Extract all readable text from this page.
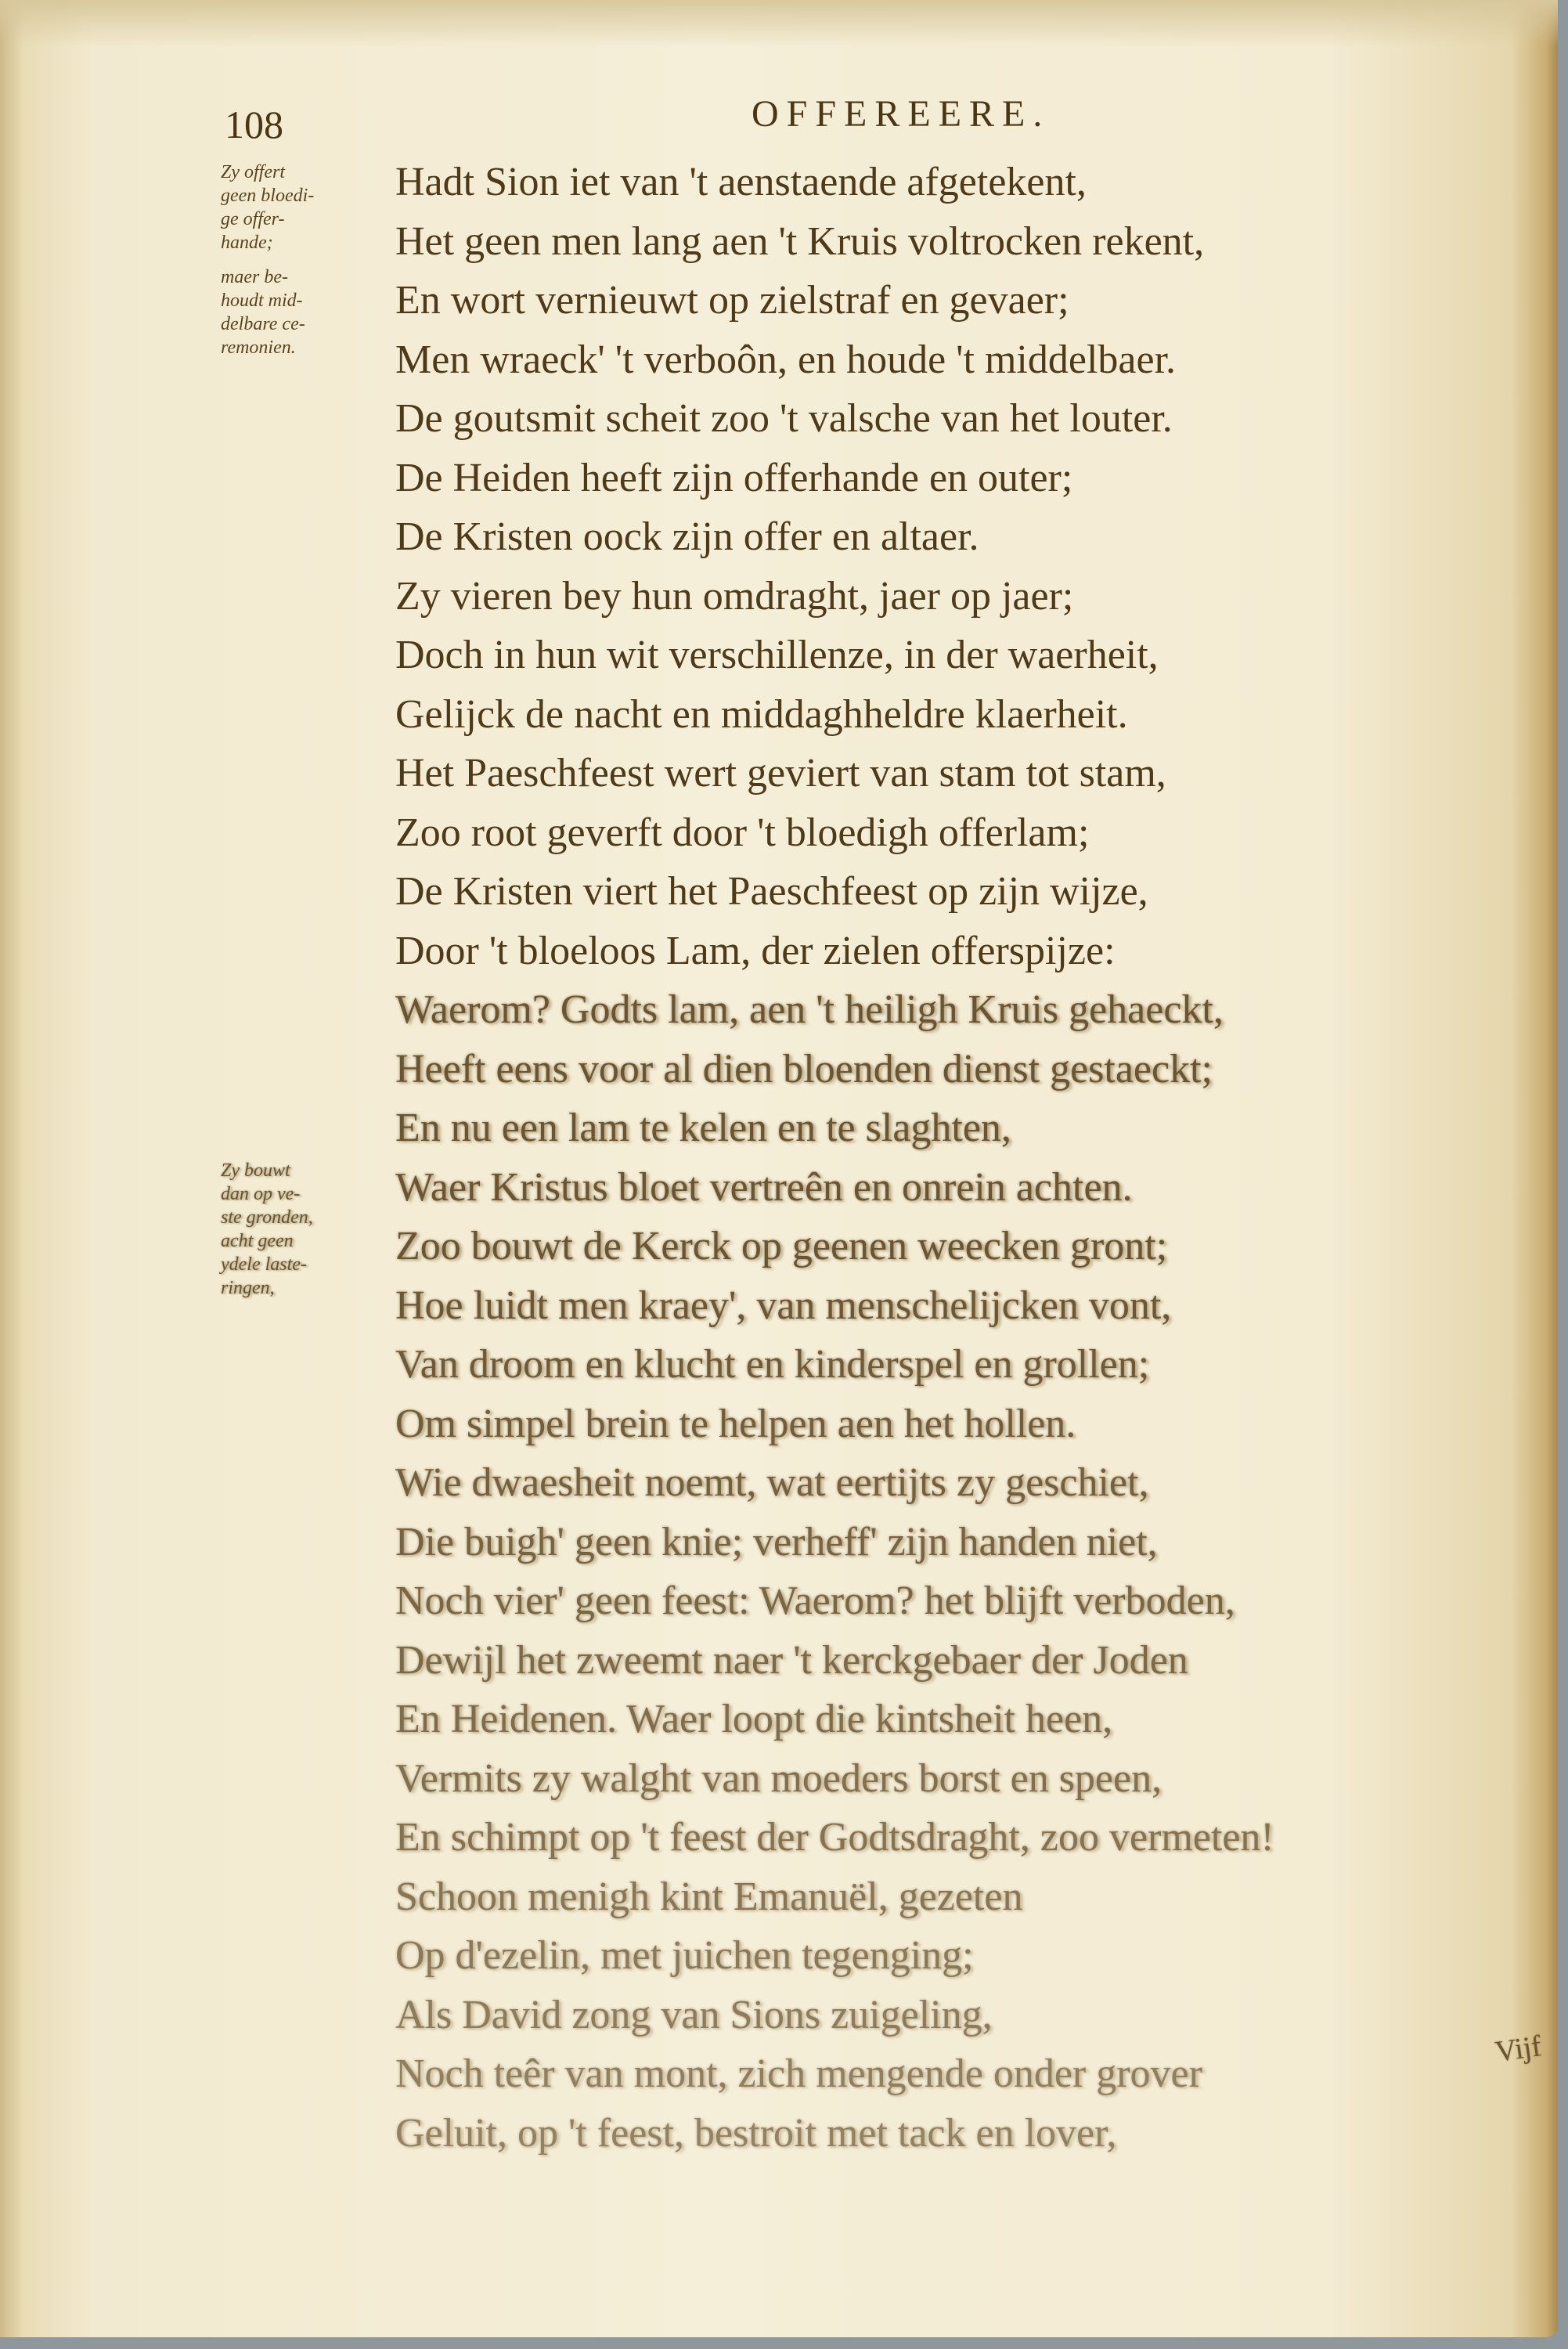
108	OFFEREERE.
Zy offert
geen bloedi-
ge offer-
hande;
maer be-
houdt mid-
delbare ce-
remonien.
Zy bouwt
dan op ve-
ste gronden,
acht geen
ydele laste-
ringen,
Hadt Sion iet van 't aenstaende afgetekent,
Het geen men lang aen 't Kruis voltrocken rekent,
En wort vernieuwt op zielstraf en gevaer;
Men wraeck' 't verboôn, en houde 't middelbaer.
De goutsmit scheit zoo 't valsche van het louter.
De Heiden heeft zijn offerhande en outer;
De Kristen oock zijn offer en altaer.
Zy vieren bey hun omdraght, jaer op jaer;
Doch in hun wit verschillenze, in der waerheit,
Gelijck de nacht en middaghheldre klaerheit.
Het Paeschfeest wert geviert van stam tot stam,
Zoo root geverft door 't bloedigh offerlam;
De Kristen viert het Paeschfeest op zijn wijze,
Door 't bloeloos Lam, der zielen offerspijze:
Waerom? Godts lam, aen 't heiligh Kruis gehaeckt,
Heeft eens voor al dien bloenden dienst gestaeckt;
En nu een lam te kelen en te slaghten,
Waer Kristus bloet vertreên en onrein achten.
Zoo bouwt de Kerck op geenen weecken gront;
Hoe luidt men kraey', van menschelijcken vont,
Van droom en klucht en kinderspel en grollen;
Om simpel brein te helpen aen het hollen.
Wie dwaesheit noemt, wat eertijts zy geschiet,
Die buigh' geen knie; verheff' zijn handen niet,
Noch vier' geen feest: Waerom? het blijft verboden,
Dewijl het zweemt naer 't kerckgebaer der Joden
En Heidenen. Waer loopt die kintsheit heen,
Vermits zy walght van moeders borst en speen,
En schimpt op 't feest der Godtsdraght, zoo vermeten!
Schoon menigh kint Emanuël, gezeten
Op d'ezelin, met juichen tegenging;
Als David zong van Sions zuigeling,
Noch teêr van mont, zich mengende onder grover
Geluit, op 't feest, bestroit met tack en lover,
Vijf
